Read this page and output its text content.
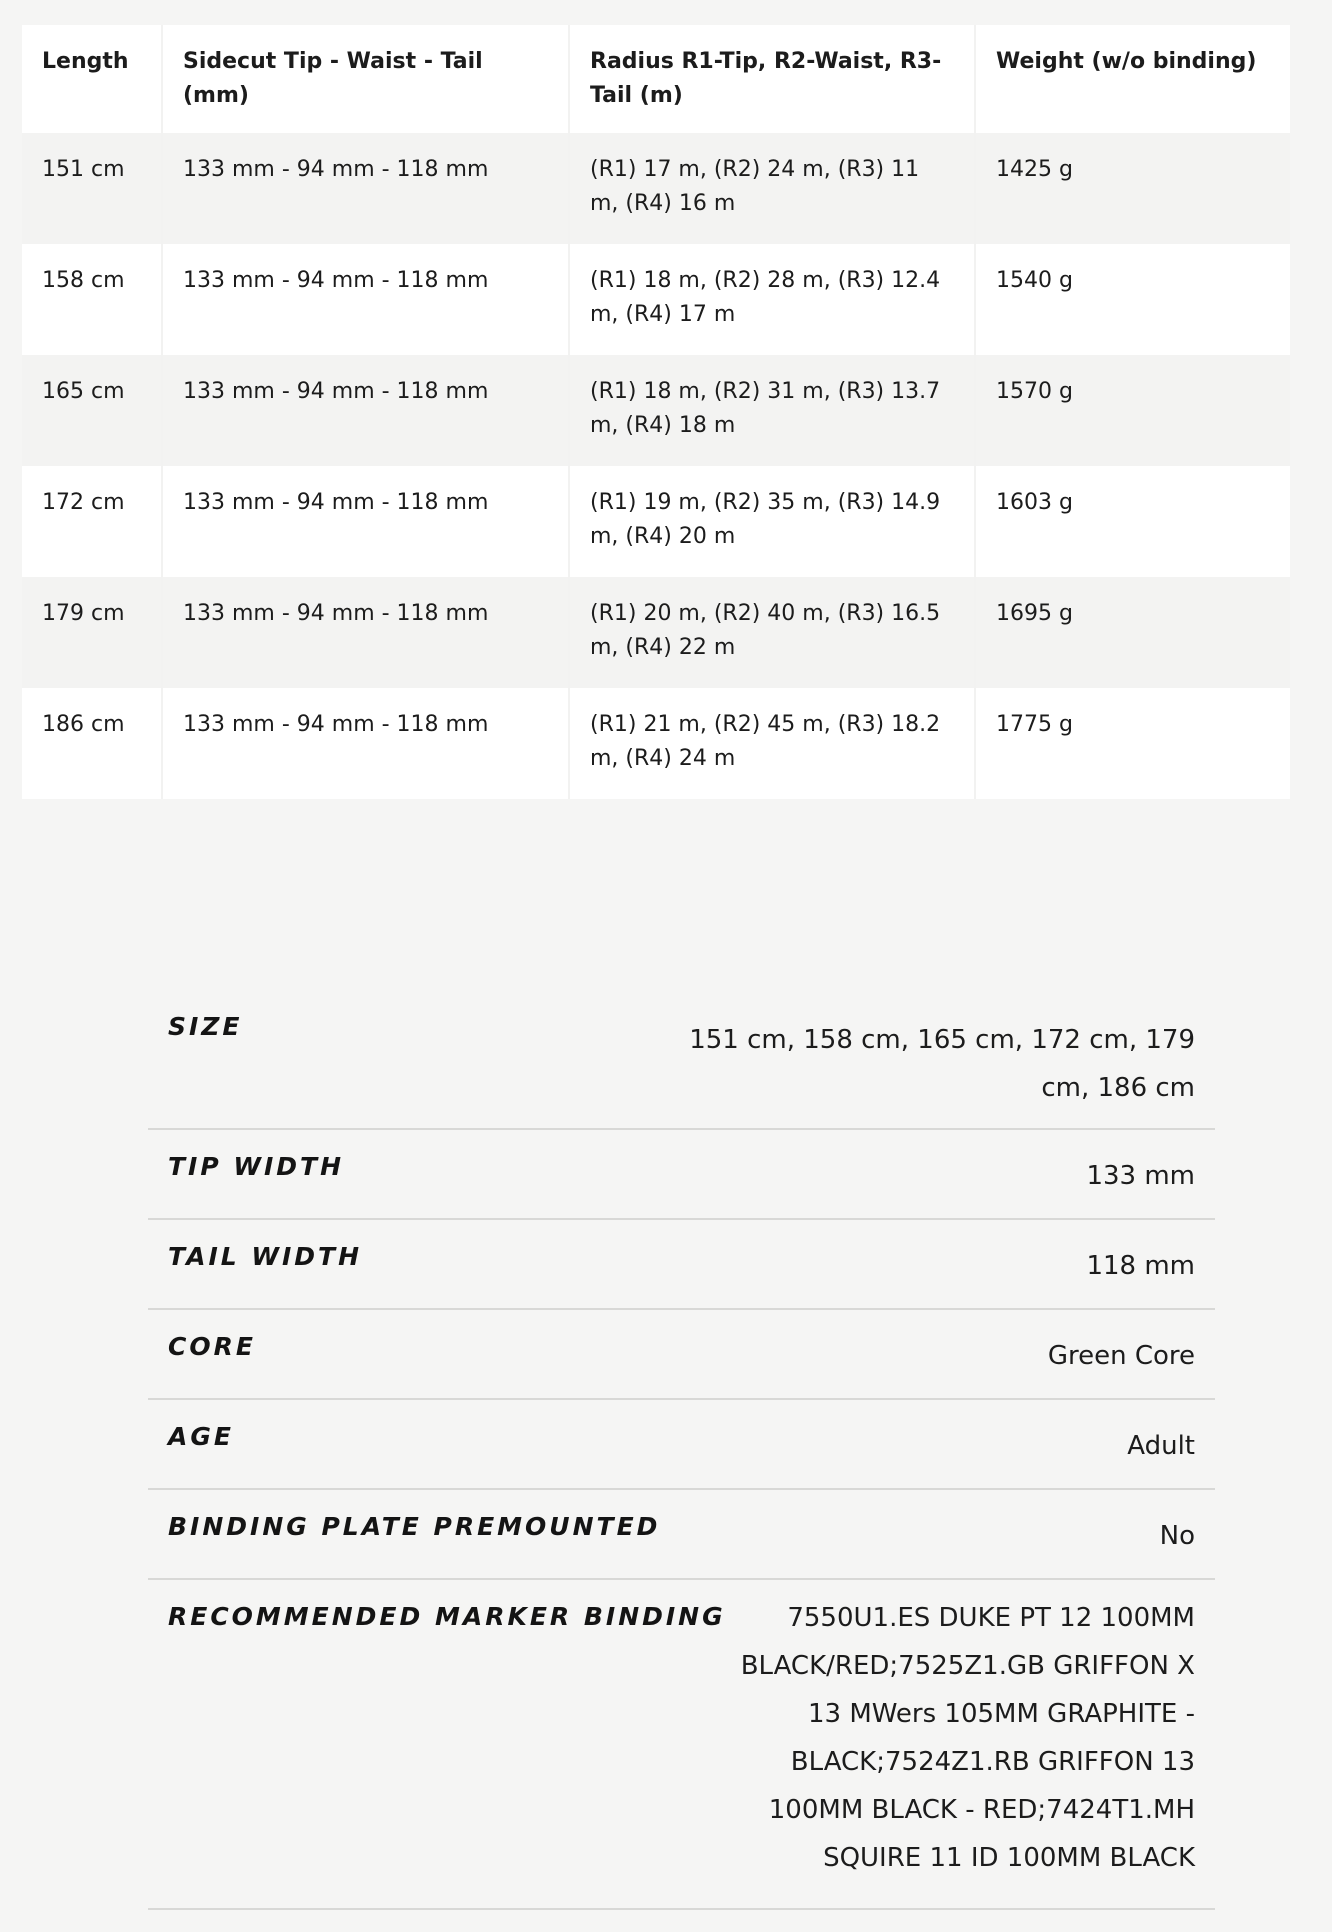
Length	Sidecut Tip - Waist - Tail (mm)	Radius R1-Tip, R2-Waist, R3-Tail (m)	Weight (w/o binding)
151 cm	133 mm - 94 mm - 118 mm	(R1) 17 m, (R2) 24 m, (R3) 11 m, (R4) 16 m	1425 g
158 cm	133 mm - 94 mm - 118 mm	(R1) 18 m, (R2) 28 m, (R3) 12.4 m, (R4) 17 m	1540 g
165 cm	133 mm - 94 mm - 118 mm	(R1) 18 m, (R2) 31 m, (R3) 13.7 m, (R4) 18 m	1570 g
172 cm	133 mm - 94 mm - 118 mm	(R1) 19 m, (R2) 35 m, (R3) 14.9 m, (R4) 20 m	1603 g
179 cm	133 mm - 94 mm - 118 mm	(R1) 20 m, (R2) 40 m, (R3) 16.5 m, (R4) 22 m	1695 g
186 cm	133 mm - 94 mm - 118 mm	(R1) 21 m, (R2) 45 m, (R3) 18.2 m, (R4) 24 m	1775 g
SIZE	151 cm, 158 cm, 165 cm, 172 cm, 179 cm, 186 cm
TIP WIDTH	133 mm
TAIL WIDTH	118 mm
CORE	Green Core
AGE	Adult
BINDING PLATE PREMOUNTED	No
RECOMMENDED MARKER BINDING	7550U1.ES DUKE PT 12 100MM BLACK/RED;7525Z1.GB GRIFFON X 13 MWers 105MM GRAPHITE - BLACK;7524Z1.RB GRIFFON 13 100MM BLACK - RED;7424T1.MH SQUIRE 11 ID 100MM BLACK
